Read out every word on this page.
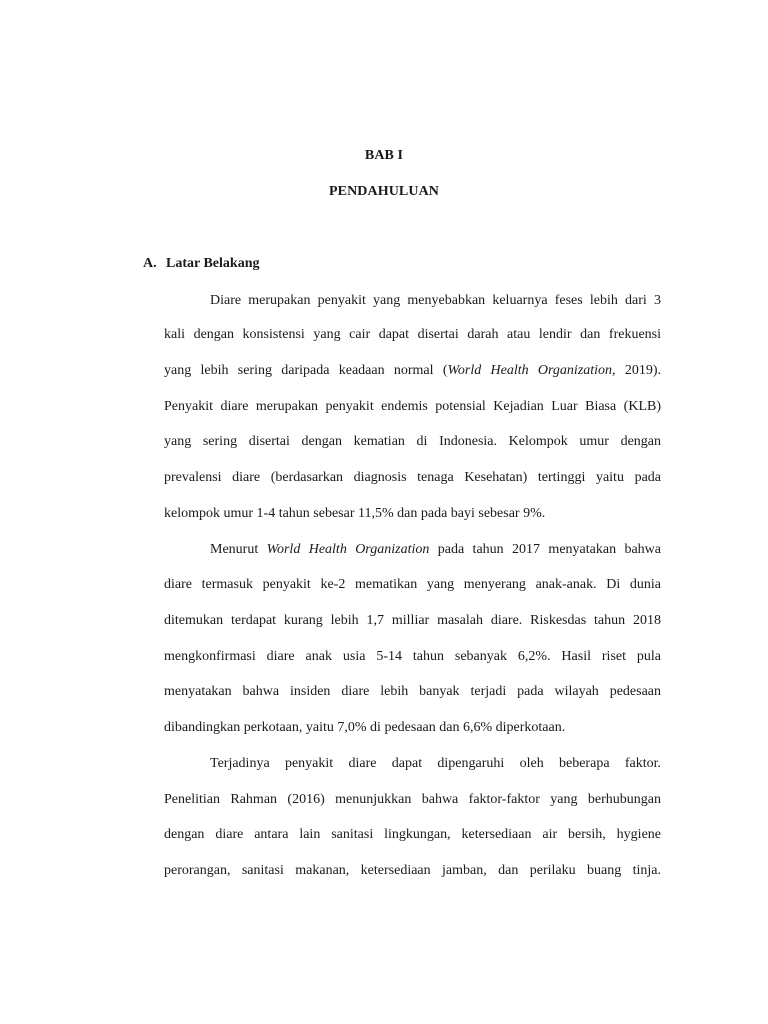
BAB I
PENDAHULUAN
A. Latar Belakang
Diare merupakan penyakit yang menyebabkan keluarnya feses lebih dari 3
kali dengan konsistensi yang cair dapat disertai darah atau lendir dan frekuensi
yang lebih sering daripada keadaan normal (World Health Organization, 2019).
Penyakit diare merupakan penyakit endemis potensial Kejadian Luar Biasa (KLB)
yang sering disertai dengan kematian di Indonesia. Kelompok umur dengan
prevalensi diare (berdasarkan diagnosis tenaga Kesehatan) tertinggi yaitu pada
kelompok umur 1-4 tahun sebesar 11,5% dan pada bayi sebesar 9%.
Menurut World Health Organization pada tahun 2017 menyatakan bahwa
diare termasuk penyakit ke-2 mematikan yang menyerang anak-anak. Di dunia
ditemukan terdapat kurang lebih 1,7 milliar masalah diare. Riskesdas tahun 2018
mengkonfirmasi diare anak usia 5-14 tahun sebanyak 6,2%. Hasil riset pula
menyatakan bahwa insiden diare lebih banyak terjadi pada wilayah pedesaan
dibandingkan perkotaan, yaitu 7,0% di pedesaan dan 6,6% diperkotaan.
Terjadinya penyakit diare dapat dipengaruhi oleh beberapa faktor.
Penelitian Rahman (2016) menunjukkan bahwa faktor-faktor yang berhubungan
dengan diare antara lain sanitasi lingkungan, ketersediaan air bersih, hygiene
perorangan, sanitasi makanan, ketersediaan jamban, dan perilaku buang tinja.
